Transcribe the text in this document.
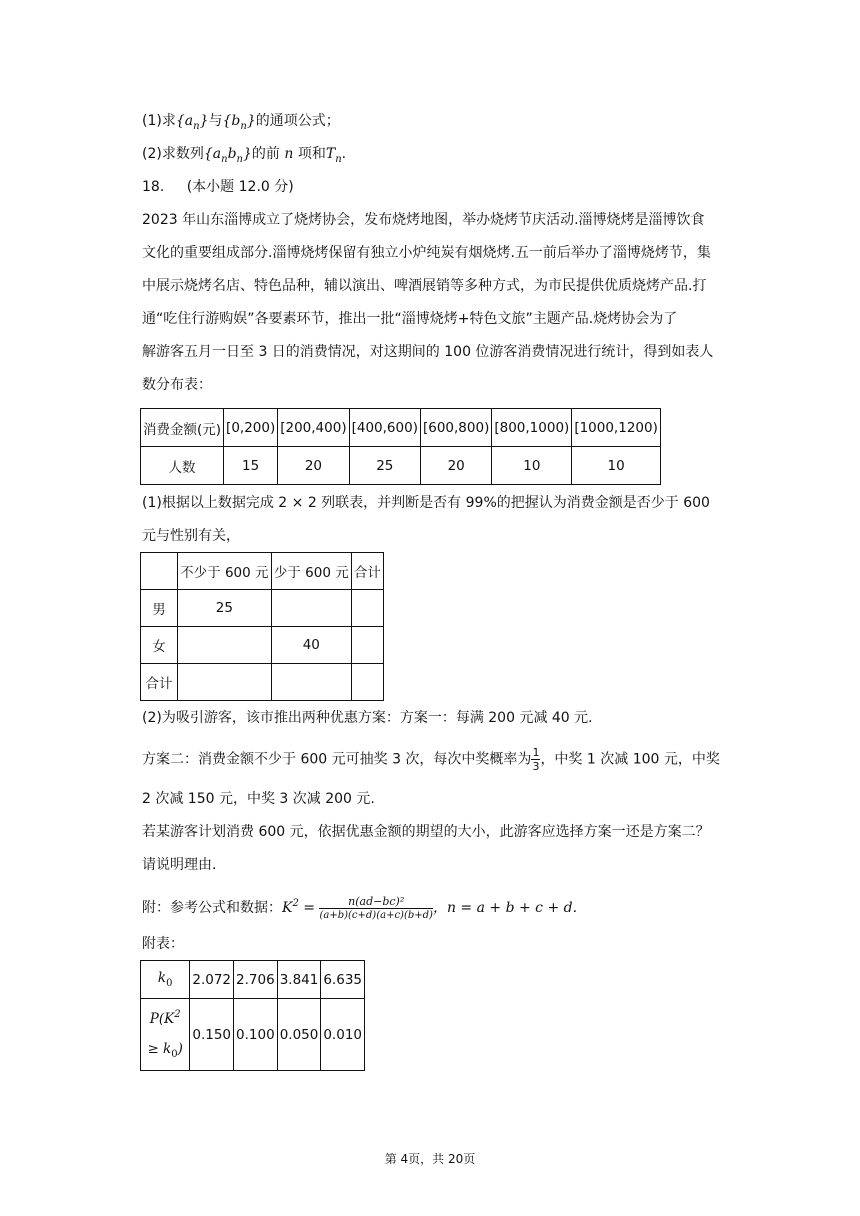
(1)求$\{a_n\}$与$\{b_n\}$的通项公式；
(2)求数列$\{a_nb_n\}$的前 n 项和$T_n$.
18. (本小题 12.0 分)
2023 年山东淄博成立了烧烤协会，发布烧烤地图，举办烧烤节庆活动.淄博烧烤是淄博饮食
文化的重要组成部分.淄博烧烤保留有独立小炉纯炭有烟烧烤.五一前后举办了淄博烧烤节，集
中展示烧烤名店、特色品种，辅以演出、啤酒展销等多种方式，为市民提供优质烧烤产品.打
通“吃住行游购娱”各要素环节，推出一批“淄博烧烤+特色文旅”主题产品.烧烤协会为了
解游客五月一日至 3 日的消费情况，对这期间的 100 位游客消费情况进行统计，得到如表人
数分布表：
消费金额(元)	[0,200)	[200,400)	[400,600)	[600,800)	[800,1000)	[1000,1200)
人数	15	20	25	20	10	10
(1)根据以上数据完成 2 × 2 列联表，并判断是否有 99%的把握认为消费金额是否少于 600
元与性别有关，
	不少于 600 元	少于 600 元	合计
男	25		
女		40	
合计			
(2)为吸引游客，该市推出两种优惠方案：方案一：每满 200 元减 40 元.
方案二：消费金额不少于 600 元可抽奖 3 次，每次中奖概率为 $\frac{1}{3}$ ，中奖 1 次减 100 元，中奖
2 次减 150 元，中奖 3 次减 200 元.
若某游客计划消费 600 元，依据优惠金额的期望的大小，此游客应选择方案一还是方案二？
请说明理由.
附：参考公式和数据：$K^2 = \frac{\text{n(ad−bc)²}}{(a+b)(c+d)(a+c)(b+d)}$ ，n = a + b + c + d.
附表：
$k_0$	2.072	2.706	3.841	6.635
$P(K^2$
≥ $k_0$)	0.150	0.100	0.050	0.010
第 4页，共 20页
